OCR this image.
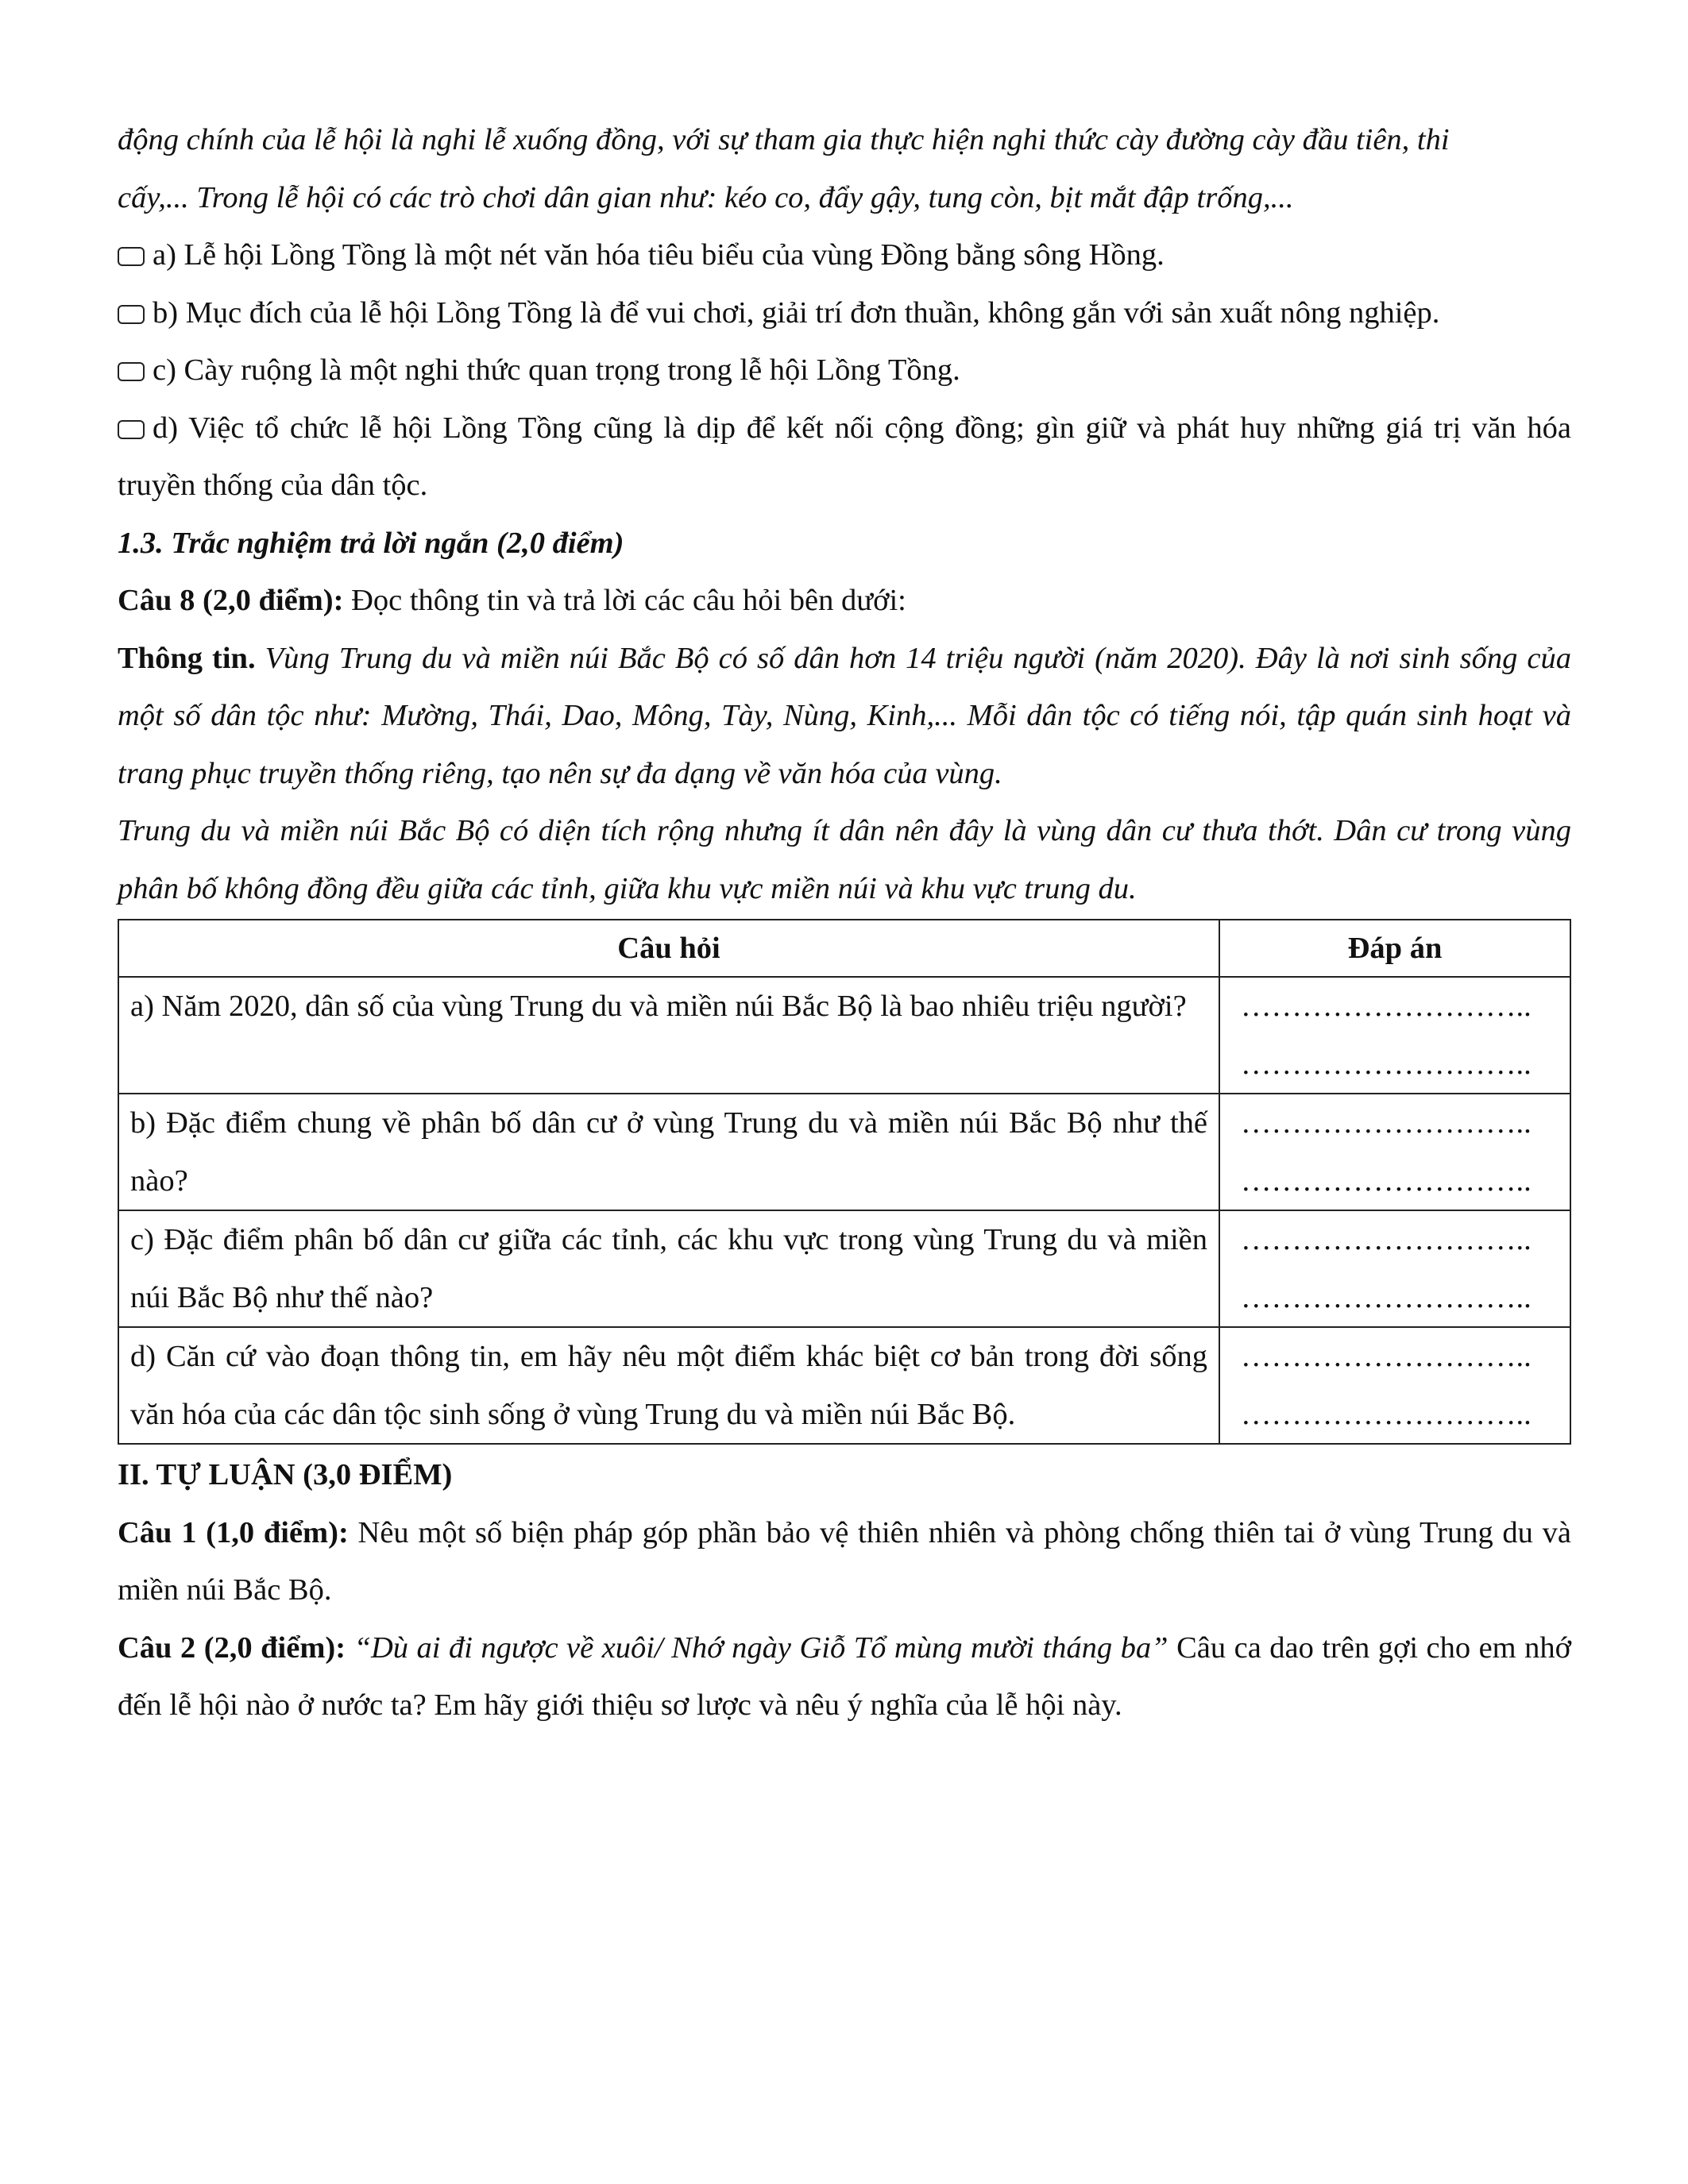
động chính của lễ hội là nghi lễ xuống đồng, với sự tham gia thực hiện nghi thức cày đường cày đầu tiên, thi

cấy,... Trong lễ hội có các trò chơi dân gian như: kéo co, đẩy gậy, tung còn, bịt mắt đập trống,...

a) Lễ hội Lồng Tồng là một nét văn hóa tiêu biểu của vùng Đồng bằng sông Hồng.

b) Mục đích của lễ hội Lồng Tồng là để vui chơi, giải trí đơn thuần, không gắn với sản xuất nông nghiệp.

c) Cày ruộng là một nghi thức quan trọng trong lễ hội Lồng Tồng.

d) Việc tổ chức lễ hội Lồng Tồng cũng là dịp để kết nối cộng đồng; gìn giữ và phát huy những giá trị văn hóa truyền thống của dân tộc.

1.3. Trắc nghiệm trả lời ngắn (2,0 điểm)

Câu 8 (2,0 điểm): Đọc thông tin và trả lời các câu hỏi bên dưới:

Thông tin. Vùng Trung du và miền núi Bắc Bộ có số dân hơn 14 triệu người (năm 2020). Đây là nơi sinh sống của một số dân tộc như: Mường, Thái, Dao, Mông, Tày, Nùng, Kinh,... Mỗi dân tộc có tiếng nói, tập quán sinh hoạt và trang phục truyền thống riêng, tạo nên sự đa dạng về văn hóa của vùng.

Trung du và miền núi Bắc Bộ có diện tích rộng nhưng ít dân nên đây là vùng dân cư thưa thớt. Dân cư trong vùng phân bố không đồng đều giữa các tỉnh, giữa khu vực miền núi và khu vực trung du.

Câu hỏi	Đáp án
a) Năm 2020, dân số của vùng Trung du và miền núi Bắc Bộ là bao nhiêu triệu người?	………………………..
………………………..

b) Đặc điểm chung về phân bố dân cư ở vùng Trung du và miền núi Bắc Bộ như thế nào?	………………………..
………………………..

c) Đặc điểm phân bố dân cư giữa các tỉnh, các khu vực trong vùng Trung du và miền núi Bắc Bộ như thế nào?	………………………..
………………………..

d) Căn cứ vào đoạn thông tin, em hãy nêu một điểm khác biệt cơ bản trong đời sống văn hóa của các dân tộc sinh sống ở vùng Trung du và miền núi Bắc Bộ.	………………………..
………………………..

II. TỰ LUẬN (3,0 ĐIỂM)

Câu 1 (1,0 điểm): Nêu một số biện pháp góp phần bảo vệ thiên nhiên và phòng chống thiên tai ở vùng Trung du và miền núi Bắc Bộ.

Câu 2 (2,0 điểm): “Dù ai đi ngược về xuôi/ Nhớ ngày Giỗ Tổ mùng mười tháng ba” Câu ca dao trên gợi cho em nhớ đến lễ hội nào ở nước ta? Em hãy giới thiệu sơ lược và nêu ý nghĩa của lễ hội này.
